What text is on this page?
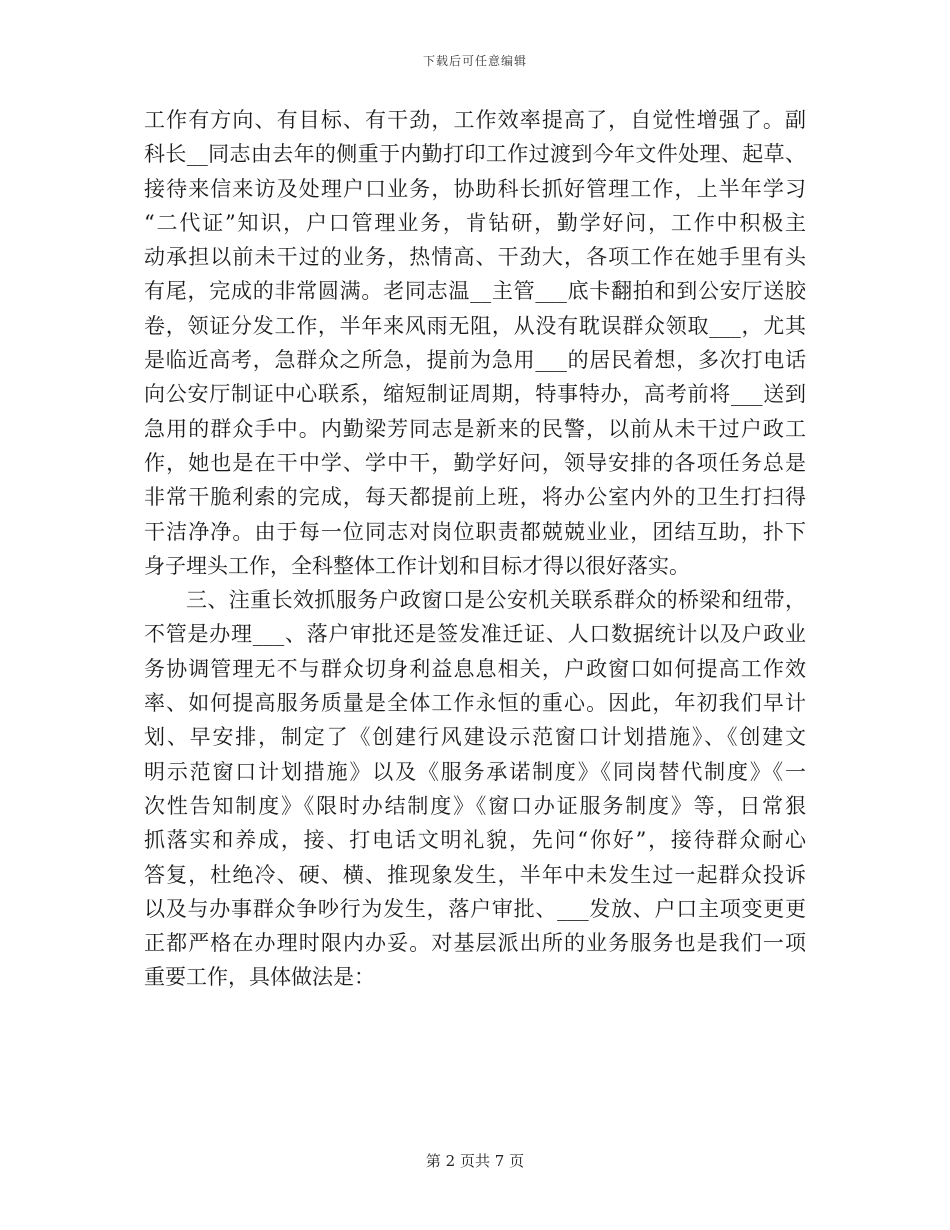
下载后可任意编辑
工作有方向、有目标、有干劲，工作效率提高了，自觉性增强了。副
科长__同志由去年的侧重于内勤打印工作过渡到今年文件处理、起草、
接待来信来访及处理户口业务，协助科长抓好管理工作，上半年学习
“二代证”知识，户口管理业务，肯钻研，勤学好问，工作中积极主
动承担以前未干过的业务，热情高、干劲大，各项工作在她手里有头
有尾，完成的非常圆满。老同志温__主管___底卡翻拍和到公安厅送胶
卷，领证分发工作，半年来风雨无阻，从没有耽误群众领取___，尤其
是临近高考，急群众之所急，提前为急用___的居民着想，多次打电话
向公安厅制证中心联系，缩短制证周期，特事特办，高考前将___送到
急用的群众手中。内勤梁芳同志是新来的民警，以前从未干过户政工
作，她也是在干中学、学中干，勤学好问，领导安排的各项任务总是
非常干脆利索的完成，每天都提前上班，将办公室内外的卫生打扫得
干洁净净。由于每一位同志对岗位职责都兢兢业业，团结互助，扑下
身子埋头工作，全科整体工作计划和目标才得以很好落实。
三、注重长效抓服务户政窗口是公安机关联系群众的桥梁和纽带，
不管是办理___、落户审批还是签发准迁证、人口数据统计以及户政业
务协调管理无不与群众切身利益息息相关，户政窗口如何提高工作效
率、如何提高服务质量是全体工作永恒的重心。因此，年初我们早计
划、早安排，制定了《创建行风建设示范窗口计划措施》、《创建文
明示范窗口计划措施》以及《服务承诺制度》《同岗替代制度》《一
次性告知制度》《限时办结制度》《窗口办证服务制度》等，日常狠
抓落实和养成，接、打电话文明礼貌，先问“你好”，接待群众耐心
答复，杜绝冷、硬、横、推现象发生，半年中未发生过一起群众投诉
以及与办事群众争吵行为发生，落户审批、___发放、户口主项变更更
正都严格在办理时限内办妥。对基层派出所的业务服务也是我们一项
重要工作，具体做法是：
第 2 页共 7 页
